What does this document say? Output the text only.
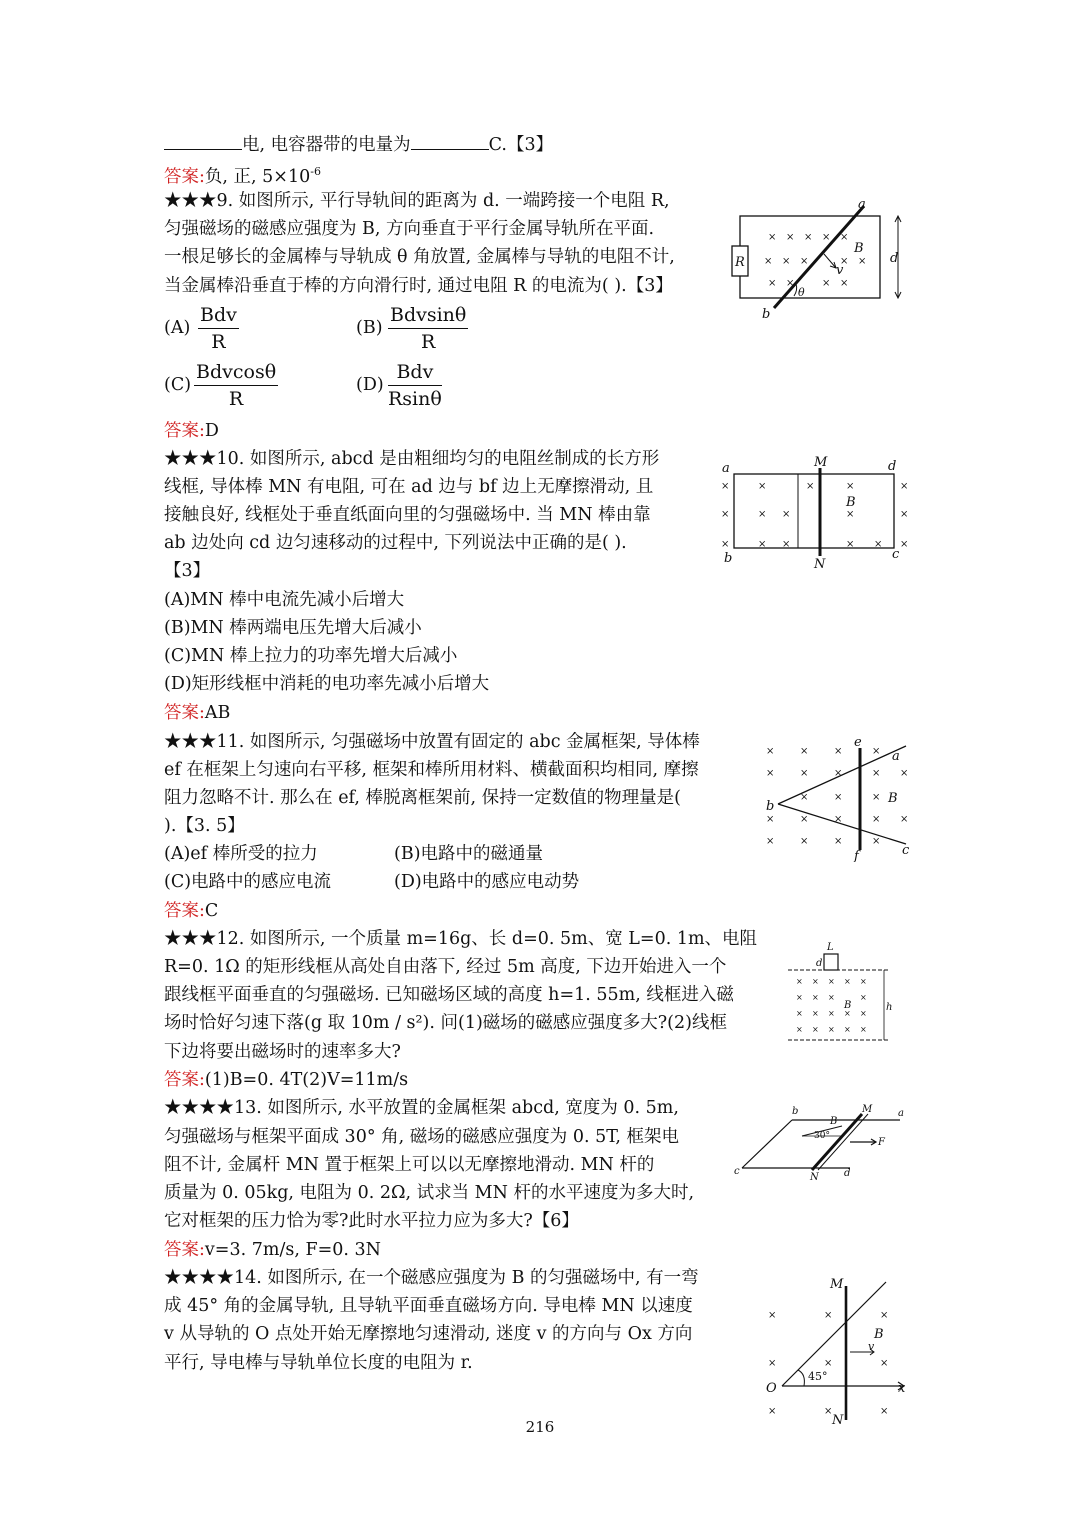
电, 电容器带的电量为	C.【3】
答案:负, 正, $5\times 10^{-6}$
★★★9. 如图所示, 平行导轨间的距离为 d. 一端跨接一个电阻 R,
匀强磁场的磁感应强度为 B, 方向垂直于平行金属导轨所在平面.
一根足够长的金属棒与导轨成 θ 角放置, 金属棒与导轨的电阻不计,
当金属棒沿垂直于棒的方向滑行时, 通过电阻 R 的电流为( ).【3】
(A)
Bdv
R
(B)
Bdvsinθ
R
(C)
Bdvcosθ
R
(D)
Bdv
Rsinθ
答案:D
× × × × ×
× × ×	× ×
× ×	× ×
a
b
B
R
v
θ
d
★★★10. 如图所示, abcd 是由粗细均匀的电阻丝制成的长方形
线框, 导体棒 MN 有电阻, 可在 ad 边与 bf 边上无摩擦滑动, 且
接触良好, 线框处于垂直纸面向里的匀强磁场中. 当 MN 棒由靠
ab 边处向 cd 边匀速移动的过程中, 下列说法中正确的是( ).
【3】
(A)MN 棒中电流先减小后增大
(B)MN 棒两端电压先增大后减小
(C)MN 棒上拉力的功率先增大后减小
(D)矩形线框中消耗的电功率先减小后增大
答案:AB
×	×	×	×	×
×	× ×	×	×
×	× ×	× × ×
a	M	d
B
b	N
c
★★★11. 如图所示, 匀强磁场中放置有固定的 abc 金属框架, 导体棒
ef 在框架上匀速向右平移, 框架和棒所用材料、横截面积均相同, 摩擦
阻力忽略不计. 那么在 ef, 棒脱离框架前, 保持一定数值的物理量是(
).【3. 5】
(A)ef 棒所受的拉力	(B)电路中的磁通量
(C)电路中的感应电流	(D)电路中的感应电动势
答案:C
×	×	×	×
×	×	×	× ×
×	×	×
×	×	×	× ×
×	×	×	×
e
a
b
B
f	c
★★★12. 如图所示, 一个质量 m=16g、长 d=0. 5m、宽 L=0. 1m、电阻
R=0. 1Ω 的矩形线框从高处自由落下, 经过 5m 高度, 下边开始进入一个
跟线框平面垂直的匀强磁场. 已知磁场区域的高度 h=1. 55m, 线框进入磁
场时恰好匀速下落(g 取 10m / s²). 问(1)磁场的磁感应强度多大?(2)线框
下边将要出磁场时的速率多大?
答案:(1)B=0. 4T(2)V=11m/s
× × × × ×
× × ×	×
× × × × ×
× × × × ×
L
d
B	h
★★★★13. 如图所示, 水平放置的金属框架 abcd, 宽度为 0. 5m,
匀强磁场与框架平面成 30° 角, 磁场的磁感应强度为 0. 5T, 框架电
阻不计, 金属杆 MN 置于框架上可以以无摩擦地滑动. MN 杆的
质量为 0. 05kg, 电阻为 0. 2Ω, 试求当 MN 杆的水平速度为多大时,
它对框架的压力恰为零?此时水平拉力应为多大?【6】
答案:v=3. 7m/s, F=0. 3N
b
B
M	a
30°
F
c
N	d
★★★★14. 如图所示, 在一个磁感应强度为 B 的匀强磁场中, 有一弯
成 45° 角的金属导轨, 且导轨平面垂直磁场方向. 导电棒 MN 以速度
v 从导轨的 O 点处开始无摩擦地匀速滑动, 迷度 v 的方向与 Ox 方向
平行, 导电棒与导轨单位长度的电阻为 r.
×	×	×
×	×	×
×	×	×
M
B
v
45°
O	x
N
216
